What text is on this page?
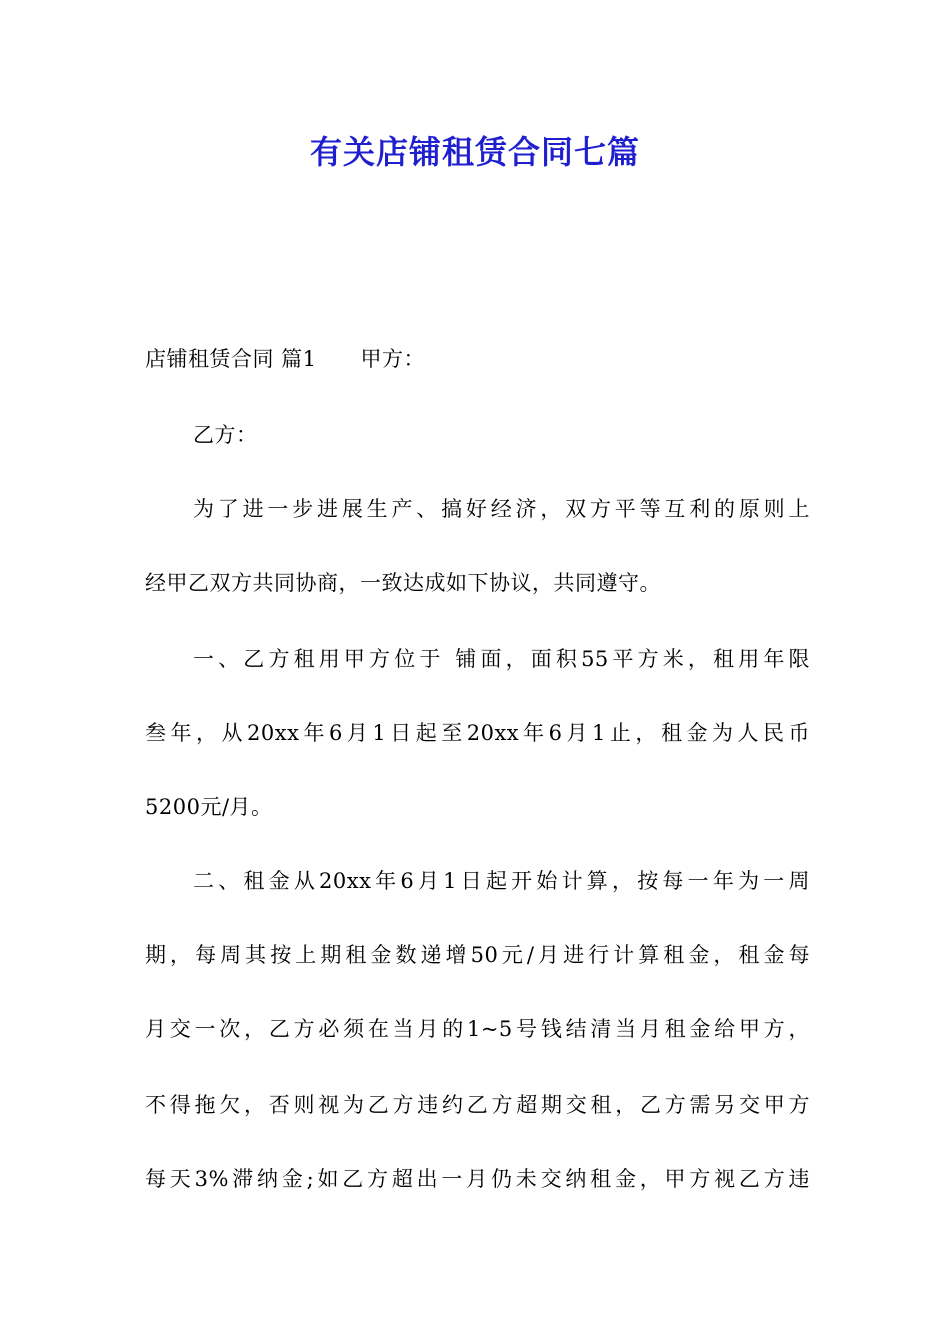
有关店铺租赁合同七篇
店铺租赁合同 篇1 甲方：
乙方：
为了进一步进展生产、搞好经济，双方平等互利的原则上
经甲乙双方共同协商，一致达成如下协议，共同遵守。
一、乙方租用甲方位于 铺面，面积55平方米，租用年限
叁年，从20xx年6月1日起至20xx年6月1止，租金为人民币
5200元/月。
二、租金从20xx年6月1日起开始计算，按每一年为一周
期，每周其按上期租金数递增50元/月进行计算租金，租金每
月交一次，乙方必须在当月的1~5号钱结清当月租金给甲方，
不得拖欠，否则视为乙方违约乙方超期交租，乙方需另交甲方
每天3%滞纳金;如乙方超出一月仍未交纳租金，甲方视乙方违
